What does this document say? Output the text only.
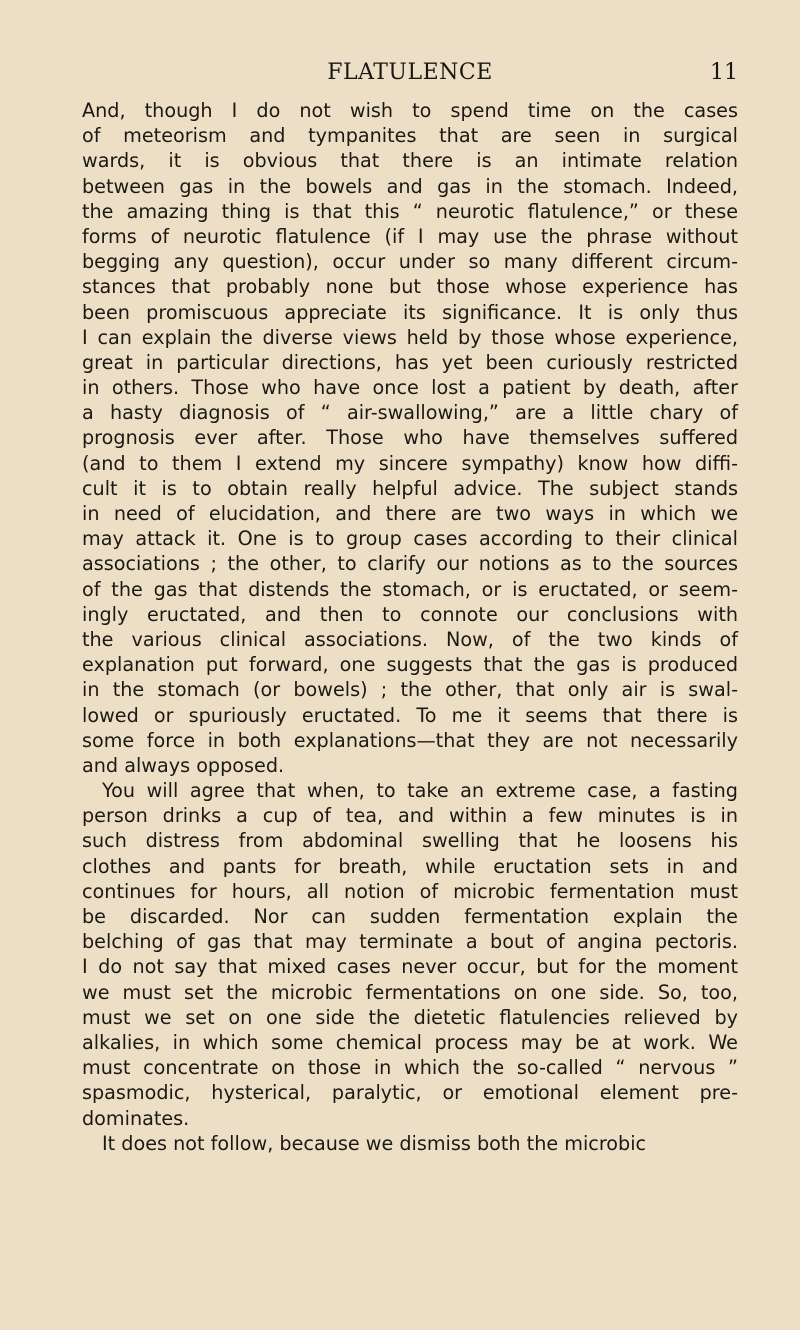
FLATULENCE	11
And, though I do not wish to spend time on the cases
of meteorism and tympanites that are seen in surgical
wards, it is obvious that there is an intimate relation
between gas in the bowels and gas in the stomach. Indeed,
the amazing thing is that this “ neurotic flatulence,” or these
forms of neurotic flatulence (if I may use the phrase without
begging any question), occur under so many different circum-
stances that probably none but those whose experience has
been promiscuous appreciate its significance. It is only thus
I can explain the diverse views held by those whose experience,
great in particular directions, has yet been curiously restricted
in others. Those who have once lost a patient by death, after
a hasty diagnosis of “ air-swallowing,” are a little chary of
prognosis ever after. Those who have themselves suffered
(and to them I extend my sincere sympathy) know how diffi-
cult it is to obtain really helpful advice. The subject stands
in need of elucidation, and there are two ways in which we
may attack it. One is to group cases according to their clinical
associations ; the other, to clarify our notions as to the sources
of the gas that distends the stomach, or is eructated, or seem-
ingly eructated, and then to connote our conclusions with
the various clinical associations. Now, of the two kinds of
explanation put forward, one suggests that the gas is produced
in the stomach (or bowels) ; the other, that only air is swal-
lowed or spuriously eructated. To me it seems that there is
some force in both explanations—that they are not necessarily
and always opposed.
You will agree that when, to take an extreme case, a fasting
person drinks a cup of tea, and within a few minutes is in
such distress from abdominal swelling that he loosens his
clothes and pants for breath, while eructation sets in and
continues for hours, all notion of microbic fermentation must
be discarded. Nor can sudden fermentation explain the
belching of gas that may terminate a bout of angina pectoris.
I do not say that mixed cases never occur, but for the moment
we must set the microbic fermentations on one side. So, too,
must we set on one side the dietetic flatulencies relieved by
alkalies, in which some chemical process may be at work. We
must concentrate on those in which the so-called “ nervous ”
spasmodic, hysterical, paralytic, or emotional element pre-
dominates.
It does not follow, because we dismiss both the microbic
